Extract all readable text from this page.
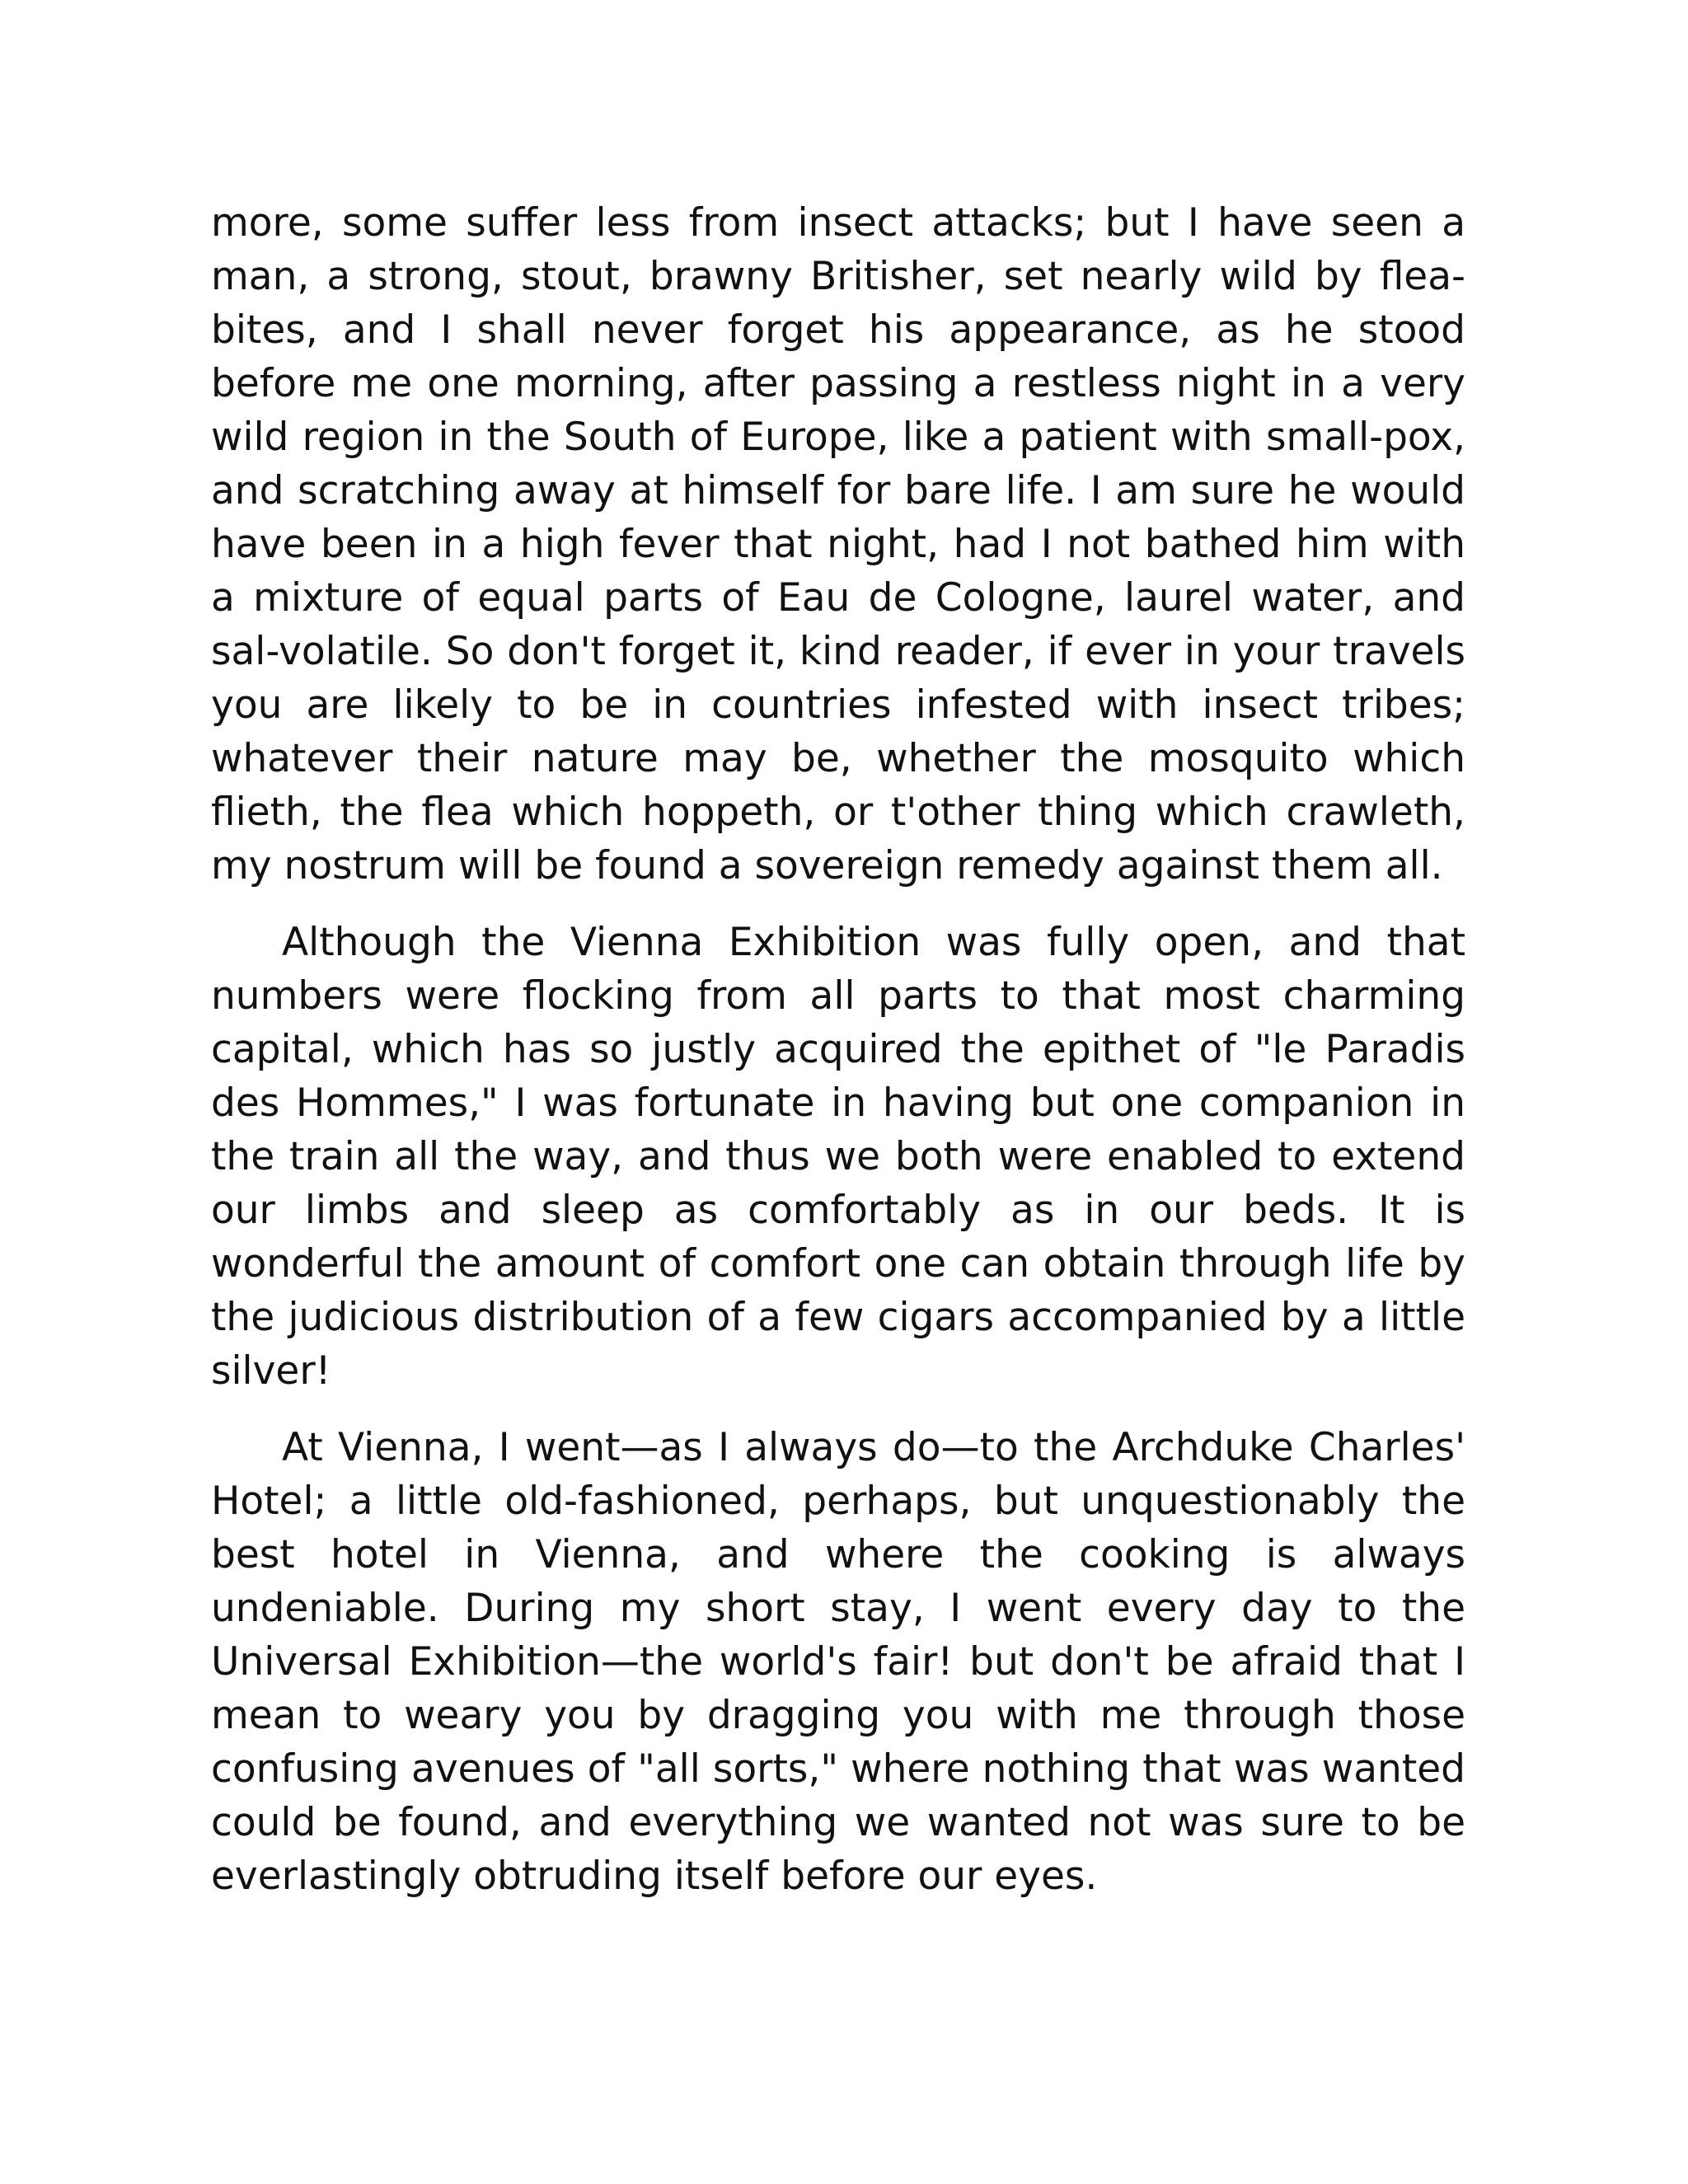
more, some suffer less from insect attacks; but I have seen a man, a strong, stout, brawny Britisher, set nearly wild by flea-bites, and I shall never forget his appearance, as he stood before me one morning, after passing a restless night in a very wild region in the South of Europe, like a patient with small-pox, and scratching away at himself for bare life. I am sure he would have been in a high fever that night, had I not bathed him with a mixture of equal parts of Eau de Cologne, laurel water, and sal-volatile. So don't forget it, kind reader, if ever in your travels you are likely to be in countries infested with insect tribes; whatever their nature may be, whether the mosquito which flieth, the flea which hoppeth, or t'other thing which crawleth, my nostrum will be found a sovereign remedy against them all.

Although the Vienna Exhibition was fully open, and that numbers were flocking from all parts to that most charming capital, which has so justly acquired the epithet of "le Paradis des Hommes," I was fortunate in having but one companion in the train all the way, and thus we both were enabled to extend our limbs and sleep as comfortably as in our beds. It is wonderful the amount of comfort one can obtain through life by the judicious distribution of a few cigars accompanied by a little silver!

At Vienna, I went—as I always do—to the Archduke Charles' Hotel; a little old-fashioned, perhaps, but unquestionably the best hotel in Vienna, and where the cooking is always undeniable. During my short stay, I went every day to the Universal Exhibition—the world's fair! but don't be afraid that I mean to weary you by dragging you with me through those confusing avenues of "all sorts," where nothing that was wanted could be found, and everything we wanted not was sure to be everlastingly obtruding itself before our eyes.
